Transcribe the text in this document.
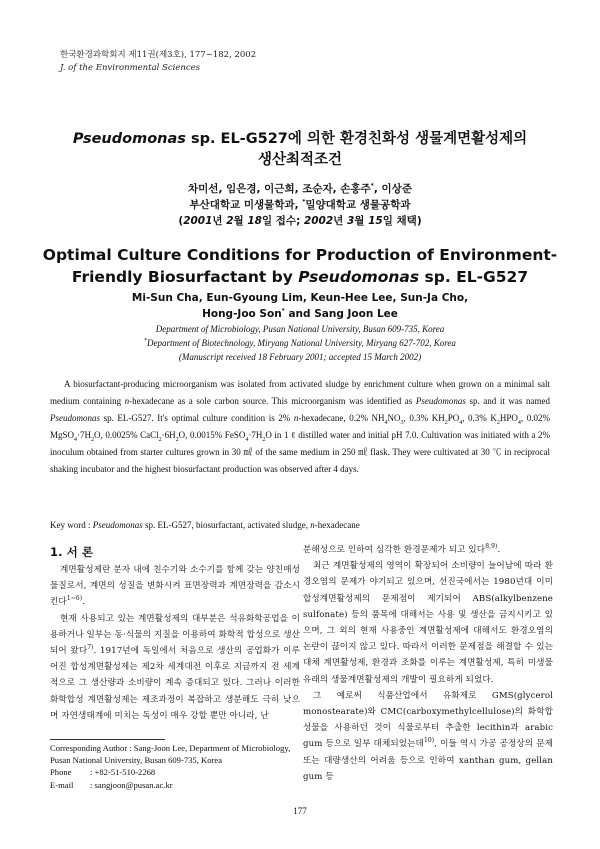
한국환경과학회지 제11권(제3호), 177~182, 2002
J. of the Environmental Sciences
Pseudomonas sp. EL-G527에 의한 환경친화성 생물계면활성제의
생산최적조건
차미선, 임은경, 이근희, 조순자, 손홍주*, 이상준
부산대학교 미생물학과, *밀양대학교 생물공학과
(2001년 2월 18일 접수; 2002년 3월 15일 채택)
Optimal Culture Conditions for Production of Environment-
Friendly Biosurfactant by Pseudomonas sp. EL-G527
Mi-Sun Cha, Eun-Gyoung Lim, Keun-Hee Lee, Sun-Ja Cho,
Hong-Joo Son* and Sang Joon Lee
Department of Microbiology, Pusan National University, Busan 609-735, Korea
*Department of Biotechnology, Miryang National University, Miryang 627-702, Korea
(Manuscript received 18 February 2001; accepted 15 March 2002)
A biosurfactant-producing microorganism was isolated from activated sludge by enrichment culture when grown on a minimal salt medium containing n-hexadecane as a sole carbon source. This microorganism was identified as Pseudomonas sp. and it was named Pseudomonas sp. EL-G527. It's optimal culture condition is 2% n-hexadecane, 0.2% $NH_4NO_3$, 0.3% $KH_2PO_4$, 0.3% $K_2HPO_4$, 0.02% $MgSO_4\cdot 7H_2O$, 0.0025% $CaCl_2\cdot 6H_2O$, 0.0015% $FeSO_4\cdot 7H_2O$ in 1 ℓ distilled water and initial pH 7.0. Cultivation was initiated with a 2% inoculum obtained from starter cultures grown in 30 ㎖ of the same medium in 250 ㎖ flask. They were cultivated at 30 ℃ in reciprocal shaking incubator and the highest biosurfactant production was observed after 4 days.
Key word : Pseudomonas sp. EL-G527, biosurfactant, activated sludge, n-hexadecane
1. 서 론

계면활성제란 분자 내에 친수기와 소수기를 함께 갖는 양친매성 물질로서, 계면의 성질을 변화시켜 표면장력과 계면장력을 감소시킨다$^{1\sim 6)}$.

현재 사용되고 있는 계면활성제의 대부분은 석유화학공업을 이용하거나 일부는 동·식물의 지질을 이용하여 화학적 합성으로 생산되어 왔다$^{7)}$. 1917년에 독일에서 처음으로 생산의 공업화가 이루어진 합성계면활성제는 제2차 세계대전 이후로 지금까지 전 세계적으로 그 생산량과 소비량이 계속 증대되고 있다. 그러나 이러한 화학합성 계면활성제는 제조과정이 복잡하고 생분해도 극히 낮으며 자연생태계에 미치는 독성이 매우 강할 뿐만 아니라, 난

분해성으로 인하여 심각한 환경문제가 되고 있다$^{8,9)}$.

최근 계면활성제의 영역이 확장되어 소비량이 늘어남에 따라 환경오염의 문제가 야기되고 있으며, 선진국에서는 1980년대 이미 합성계면활성제의 문제점이 제기되어 ABS(alkylbenzene sulfonate) 등의 품목에 대해서는 사용 및 생산을 금지시키고 있으며, 그 외의 현재 사용중인 계면활성제에 대해서도 환경오염의 논란이 끊이지 않고 있다. 따라서 이러한 문제점을 해결할 수 있는 대체 계면활성제, 환경과 조화를 이루는 계면활성제, 특히 미생물 유래의 생물계면활성제의 개발이 필요하게 되었다.

그 예로써 식품산업에서 유화제로 GMS(glycerol monostearate)와 CMC(carboxymethylcellulose)의 화학합성물을 사용하던 것이 식물로부터 추출한 lecithin과 arabic gum 등으로 일부 대체되었는데$^{10)}$, 이들 역시 가공 공정상의 문제 또는 대량생산의 어려움 등으로 인하여 xanthan gum, gellan gum 등

Corresponding Author : Sang-Joon Lee, Department of Microbiology, Pusan National University, Busan 609-735, Korea
Phone : +82-51-510-2268
E-mail : sangjoon@pusan.ac.kr
177
